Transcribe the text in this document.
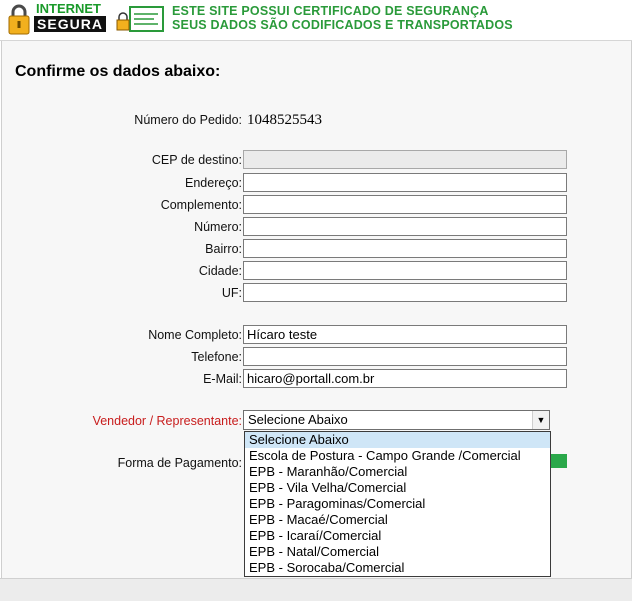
INTERNET
SEGURA
ESTE SITE POSSUI CERTIFICADO DE SEGURANÇA
SEUS DADOS SÃO CODIFICADOS E TRANSPORTADOS
Confirme os dados abaixo:
Número do Pedido: 1048525543
CEP de destino:
Endereço:
Complemento:
Número:
Bairro:
Cidade:
UF:
Nome Completo: Hícaro teste
Telefone:
E-Mail: hicaro@portall.com.br
Vendedor / Representante: Selecione Abaixo	▼
Forma de Pagamento:
Selecione Abaixo
Escola de Postura - Campo Grande /Comercial
EPB - Maranhão/Comercial
EPB - Vila Velha/Comercial
EPB - Paragominas/Comercial
EPB - Macaé/Comercial
EPB - Icaraí/Comercial
EPB - Natal/Comercial
EPB - Sorocaba/Comercial
